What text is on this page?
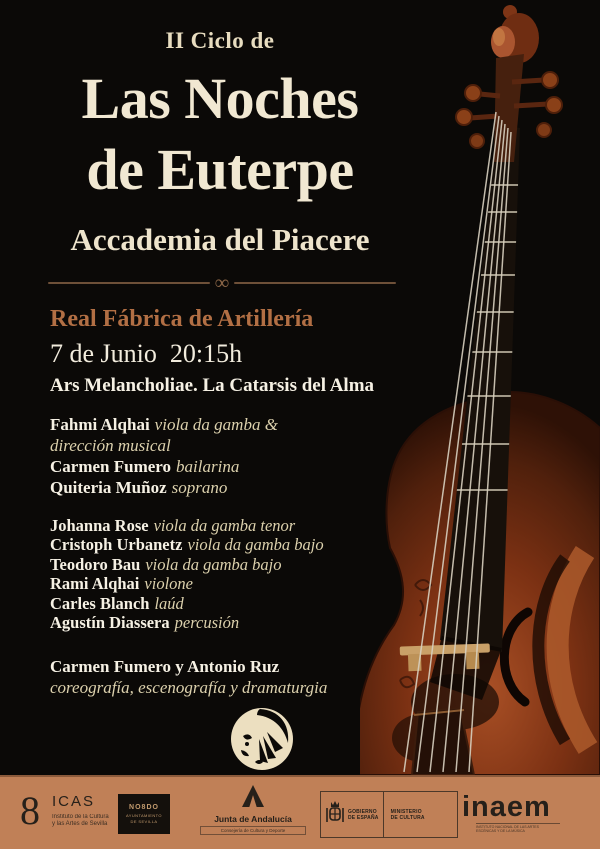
II Ciclo de
Las Noches
de Euterpe
Accademia del Piacere
∞
Real Fábrica de Artillería
7 de Junio  20:15h
Ars Melancholiae. La Catarsis del Alma
Fahmi Alqhai viola da gamba & dirección musical
Carmen Fumero bailarina
Quiteria Muñoz soprano
Johanna Rose viola da gamba tenor
Cristoph Urbanetz viola da gamba bajo
Teodoro Bau viola da gamba bajo
Rami Alqhai violone
Carles Blanch laúd
Agustín Diassera percusión
Carmen Fumero y Antonio Ruz
coreografía, escenografía y dramaturgia
8 ICAS
Instituto de la Cultura
y las Artes de Sevilla
NO8DO
AYUNTAMIENTO
DE SEVILLA	Junta de Andalucía
Consejería de Cultura y Deporte
GOBIERNO
DE ESPAÑA
MINISTERIO
DE CULTURA inaem
INSTITUTO NACIONAL DE LAS ARTES ESCÉNICAS Y DE LA MÚSICA
